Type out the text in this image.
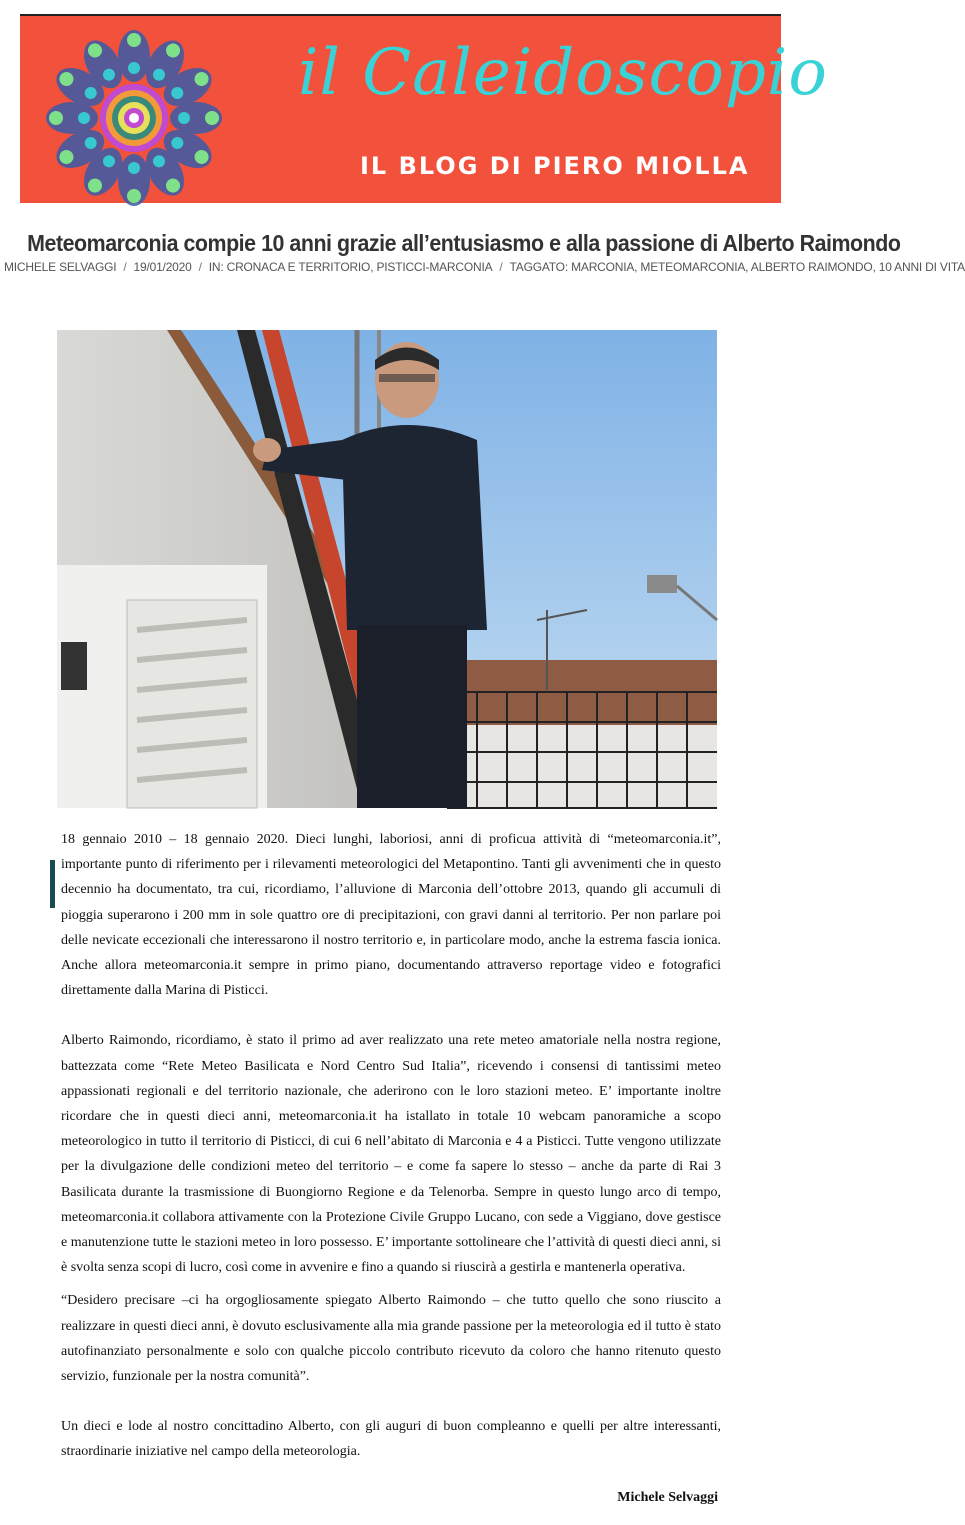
il Caleidoscopio
IL BLOG DI PIERO MIOLLA
Meteomarconia compie 10 anni grazie all’entusiasmo e alla passione di Alberto Raimondo
MICHELE SELVAGGI / 19/01/2020 / IN: CRONACA E TERRITORIO, PISTICCI-MARCONIA / TAGGATO: MARCONIA, METEOMARCONIA, ALBERTO RAIMONDO, 10 ANNI DI VITA

18 gennaio 2010 – 18 gennaio 2020. Dieci lunghi, laboriosi, anni di proficua attività di “meteomarconia.it”, importante punto di riferimento per i rilevamenti meteorologici del Metapontino. Tanti gli avvenimenti che in questo decennio ha documentato, tra cui, ricordiamo, l’alluvione di Marconia dell’ottobre 2013, quando gli accumuli di pioggia superarono i 200 mm in sole quattro ore di precipitazioni, con gravi danni al territorio. Per non parlare poi delle nevicate eccezionali che interessarono il nostro territorio e, in particolare modo, anche la estrema fascia ionica. Anche allora meteomarconia.it sempre in primo piano, documentando attraverso reportage video e fotografici direttamente dalla Marina di Pisticci.

Alberto Raimondo, ricordiamo, è stato il primo ad aver realizzato una rete meteo amatoriale nella nostra regione, battezzata come “Rete Meteo Basilicata e Nord Centro Sud Italia”, ricevendo i consensi di tantissimi meteo appassionati regionali e del territorio nazionale, che aderirono con le loro stazioni meteo. E’ importante inoltre ricordare che in questi dieci anni, meteomarconia.it ha istallato in totale 10 webcam panoramiche a scopo meteorologico in tutto il territorio di Pisticci, di cui 6 nell’abitato di Marconia e 4 a Pisticci. Tutte vengono utilizzate per la divulgazione delle condizioni meteo del territorio – e come fa sapere lo stesso – anche da parte di Rai 3 Basilicata durante la trasmissione di Buongiorno Regione e da Telenorba. Sempre in questo lungo arco di tempo, meteomarconia.it collabora attivamente con la Protezione Civile Gruppo Lucano, con sede a Viggiano, dove gestisce e manutenzione tutte le stazioni meteo in loro possesso. E’ importante sottolineare che l’attività di questi dieci anni, si è svolta senza scopi di lucro, così come in avvenire e fino a quando si riuscirà a gestirla e mantenerla operativa.

“Desidero precisare –ci ha orgogliosamente spiegato Alberto Raimondo – che tutto quello che sono riuscito a realizzare in questi dieci anni, è dovuto esclusivamente alla mia grande passione per la meteorologia ed il tutto è stato autofinanziato personalmente e solo con qualche piccolo contributo ricevuto da coloro che hanno ritenuto questo servizio, funzionale per la nostra comunità”.

Un dieci e lode al nostro concittadino Alberto, con gli auguri di buon compleanno e quelli per altre interessanti, straordinarie iniziative nel campo della meteorologia.

Michele Selvaggi
